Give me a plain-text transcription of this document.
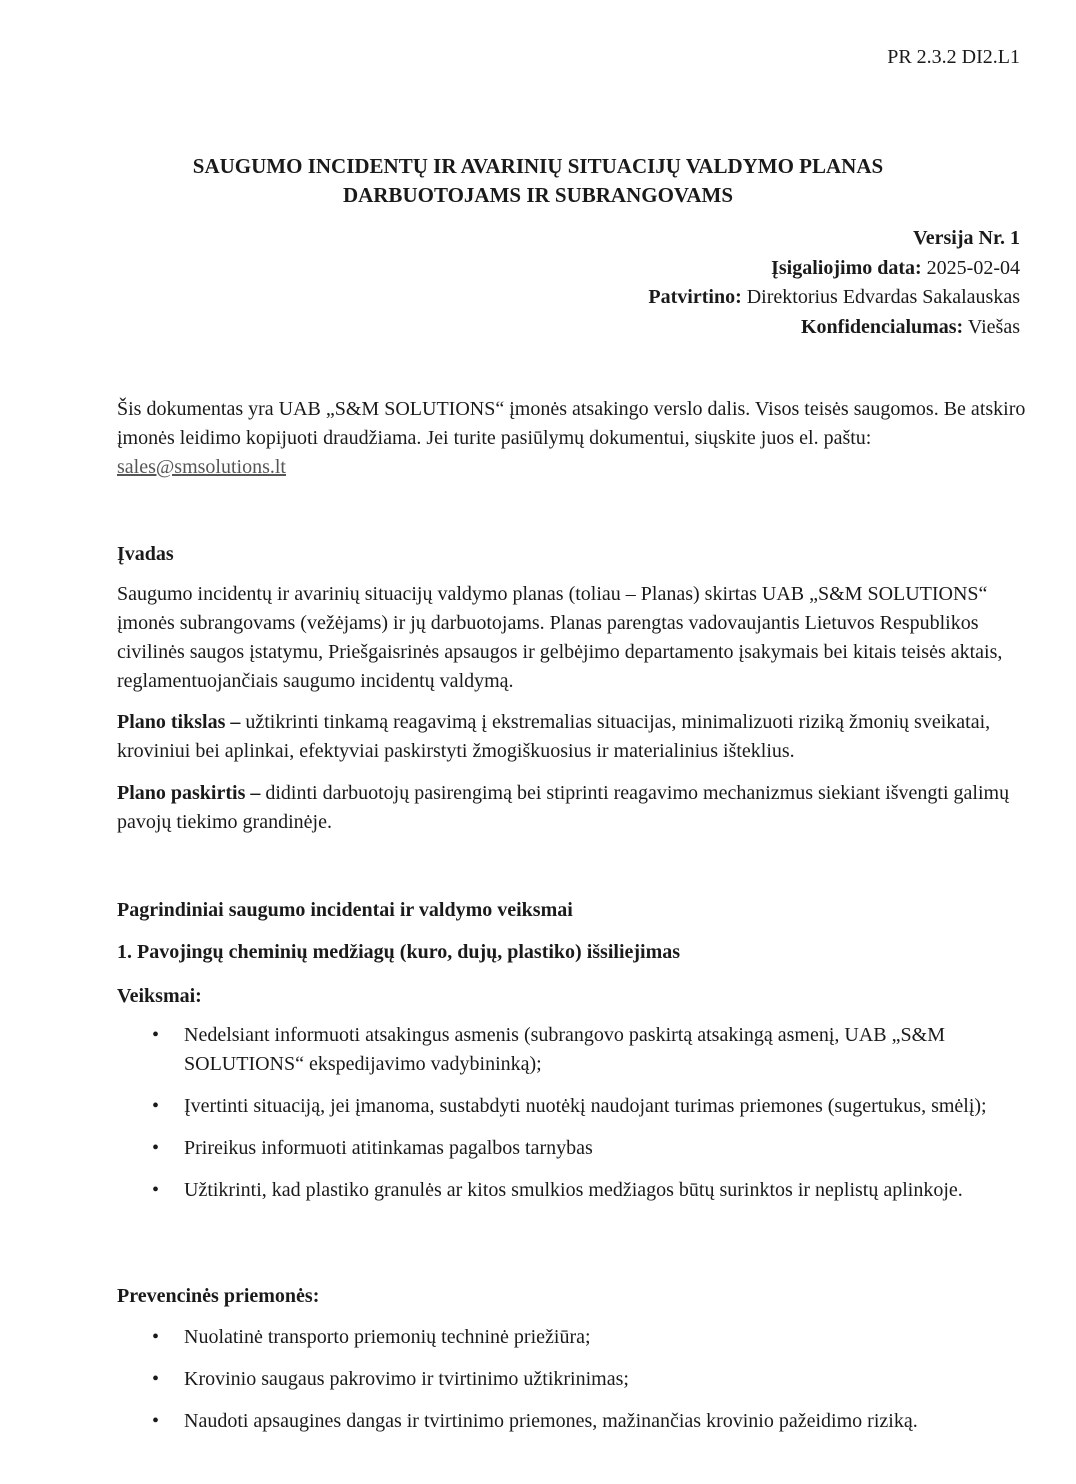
PR 2.3.2 DI2.L1
SAUGUMO INCIDENTŲ IR AVARINIŲ SITUACIJŲ VALDYMO PLANAS
DARBUOTOJAMS IR SUBRANGOVAMS
Versija Nr. 1
Įsigaliojimo data: 2025-02-04
Patvirtino: Direktorius Edvardas Sakalauskas
Konfidencialumas: Viešas
Šis dokumentas yra UAB „S&M SOLUTIONS“ įmonės atsakingo verslo dalis. Visos teisės saugomos. Be atskiro įmonės leidimo kopijuoti draudžiama. Jei turite pasiūlymų dokumentui, siųskite juos el. paštu: sales@smsolutions.lt
Įvadas
Saugumo incidentų ir avarinių situacijų valdymo planas (toliau – Planas) skirtas UAB „S&M SOLUTIONS“ įmonės subrangovams (vežėjams) ir jų darbuotojams. Planas parengtas vadovaujantis Lietuvos Respublikos civilinės saugos įstatymu, Priešgaisrinės apsaugos ir gelbėjimo departamento įsakymais bei kitais teisės aktais, reglamentuojančiais saugumo incidentų valdymą.
Plano tikslas – užtikrinti tinkamą reagavimą į ekstremalias situacijas, minimalizuoti riziką žmonių sveikatai, kroviniui bei aplinkai, efektyviai paskirstyti žmogiškuosius ir materialinius išteklius.
Plano paskirtis – didinti darbuotojų pasirengimą bei stiprinti reagavimo mechanizmus siekiant išvengti galimų pavojų tiekimo grandinėje.
Pagrindiniai saugumo incidentai ir valdymo veiksmai
1. Pavojingų cheminių medžiagų (kuro, dujų, plastiko) išsiliejimas
Veiksmai:
• Nedelsiant informuoti atsakingus asmenis (subrangovo paskirtą atsakingą asmenį, UAB „S&M SOLUTIONS“ ekspedijavimo vadybininką);
• Įvertinti situaciją, jei įmanoma, sustabdyti nuotėkį naudojant turimas priemones (sugertukus, smėlį);
• Prireikus informuoti atitinkamas pagalbos tarnybas
• Užtikrinti, kad plastiko granulės ar kitos smulkios medžiagos būtų surinktos ir neplistų aplinkoje.
Prevencinės priemonės:
• Nuolatinė transporto priemonių techninė priežiūra;
• Krovinio saugaus pakrovimo ir tvirtinimo užtikrinimas;
• Naudoti apsaugines dangas ir tvirtinimo priemones, mažinančias krovinio pažeidimo riziką.
